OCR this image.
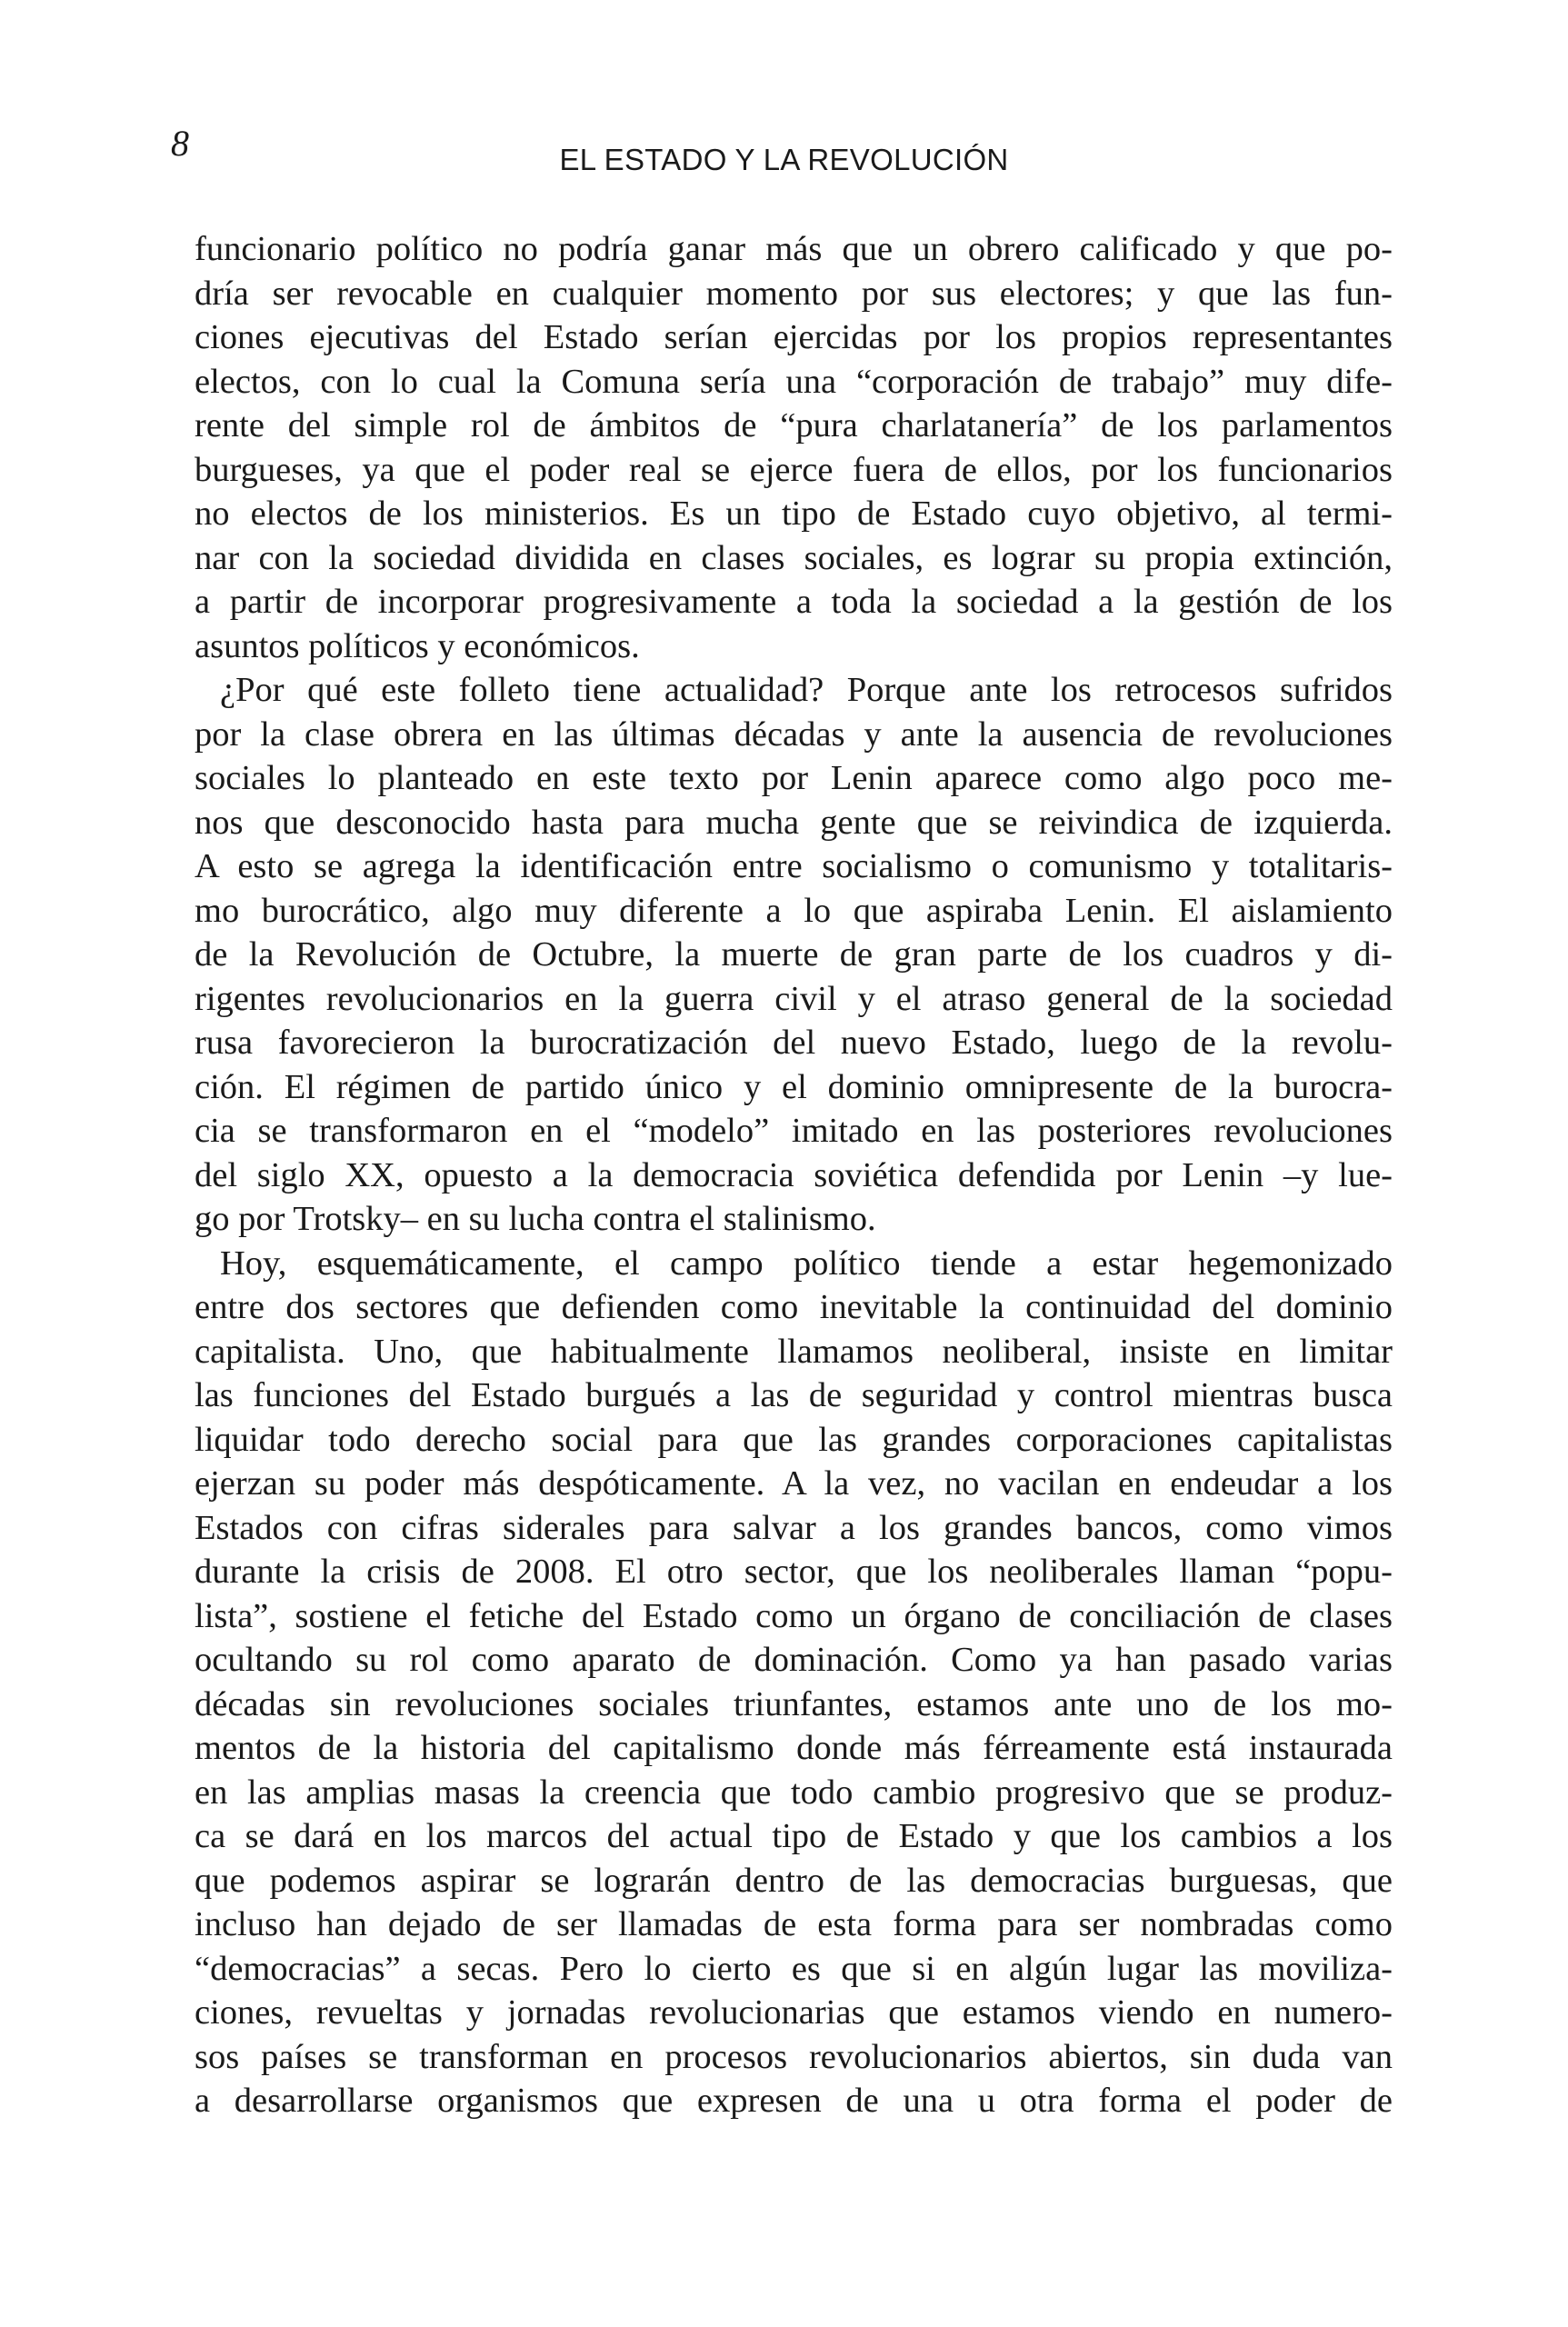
8	EL ESTADO Y LA REVOLUCIÓN
funcionario político no podría ganar más que un obrero calificado y que po-
dría ser revocable en cualquier momento por sus electores; y que las fun-
ciones ejecutivas del Estado serían ejercidas por los propios representantes
electos, con lo cual la Comuna sería una “corporación de trabajo” muy dife-
rente del simple rol de ámbitos de “pura charlatanería” de los parlamentos
burgueses, ya que el poder real se ejerce fuera de ellos, por los funcionarios
no electos de los ministerios. Es un tipo de Estado cuyo objetivo, al termi-
nar con la sociedad dividida en clases sociales, es lograr su propia extinción,
a partir de incorporar progresivamente a toda la sociedad a la gestión de los
asuntos políticos y económicos.
¿Por qué este folleto tiene actualidad? Porque ante los retrocesos sufridos
por la clase obrera en las últimas décadas y ante la ausencia de revoluciones
sociales lo planteado en este texto por Lenin aparece como algo poco me-
nos que desconocido hasta para mucha gente que se reivindica de izquierda.
A esto se agrega la identificación entre socialismo o comunismo y totalitaris-
mo burocrático, algo muy diferente a lo que aspiraba Lenin. El aislamiento
de la Revolución de Octubre, la muerte de gran parte de los cuadros y di-
rigentes revolucionarios en la guerra civil y el atraso general de la sociedad
rusa favorecieron la burocratización del nuevo Estado, luego de la revolu-
ción. El régimen de partido único y el dominio omnipresente de la burocra-
cia se transformaron en el “modelo” imitado en las posteriores revoluciones
del siglo XX, opuesto a la democracia soviética defendida por Lenin –y lue-
go por Trotsky– en su lucha contra el stalinismo.
Hoy, esquemáticamente, el campo político tiende a estar hegemonizado
entre dos sectores que defienden como inevitable la continuidad del dominio
capitalista. Uno, que habitualmente llamamos neoliberal, insiste en limitar
las funciones del Estado burgués a las de seguridad y control mientras busca
liquidar todo derecho social para que las grandes corporaciones capitalistas
ejerzan su poder más despóticamente. A la vez, no vacilan en endeudar a los
Estados con cifras siderales para salvar a los grandes bancos, como vimos
durante la crisis de 2008. El otro sector, que los neoliberales llaman “popu-
lista”, sostiene el fetiche del Estado como un órgano de conciliación de clases
ocultando su rol como aparato de dominación. Como ya han pasado varias
décadas sin revoluciones sociales triunfantes, estamos ante uno de los mo-
mentos de la historia del capitalismo donde más férreamente está instaurada
en las amplias masas la creencia que todo cambio progresivo que se produz-
ca se dará en los marcos del actual tipo de Estado y que los cambios a los
que podemos aspirar se lograrán dentro de las democracias burguesas, que
incluso han dejado de ser llamadas de esta forma para ser nombradas como
“democracias” a secas. Pero lo cierto es que si en algún lugar las moviliza-
ciones, revueltas y jornadas revolucionarias que estamos viendo en numero-
sos países se transforman en procesos revolucionarios abiertos, sin duda van
a desarrollarse organismos que expresen de una u otra forma el poder de
